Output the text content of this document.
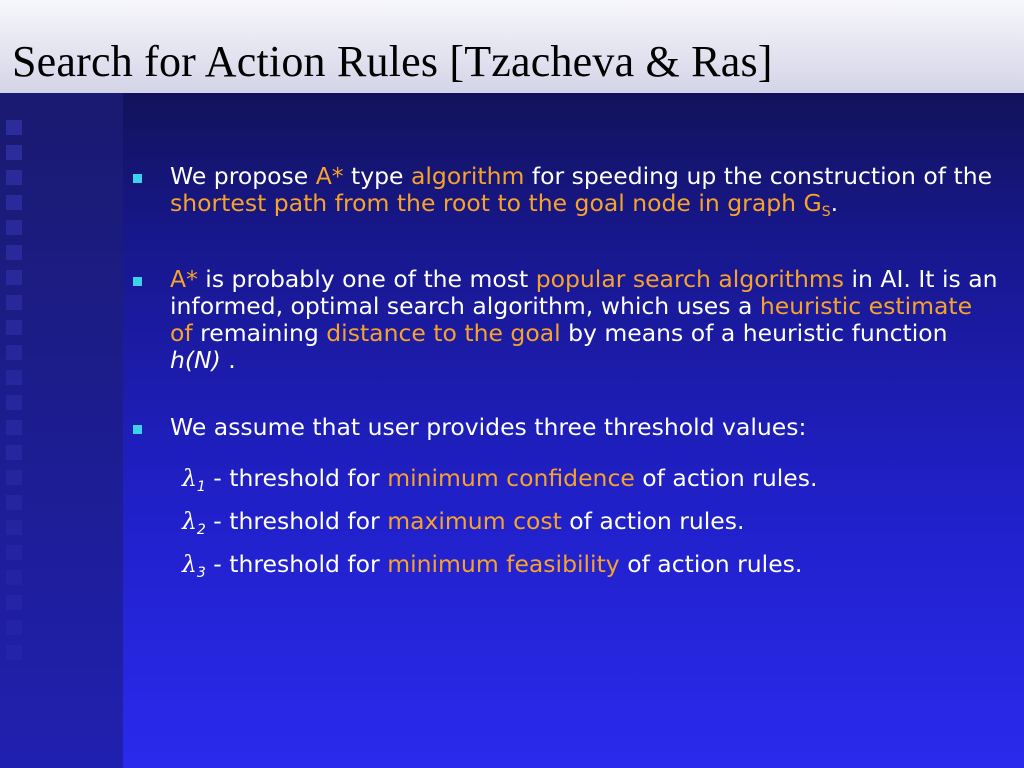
Search for Action Rules [Tzacheva & Ras]
We propose A* type algorithm for speeding up the construction of the shortest path from the root to the goal node in graph $G_S$.
A* is probably one of the most popular search algorithms in AI. It is an informed, optimal search algorithm, which uses a heuristic estimate of remaining distance to the goal by means of a heuristic function h(N) .
We assume that user provides three threshold values:
$\lambda_1$ - threshold for minimum confidence of action rules.
$\lambda_2$ - threshold for maximum cost of action rules.
$\lambda_3$ - threshold for minimum feasibility of action rules.
